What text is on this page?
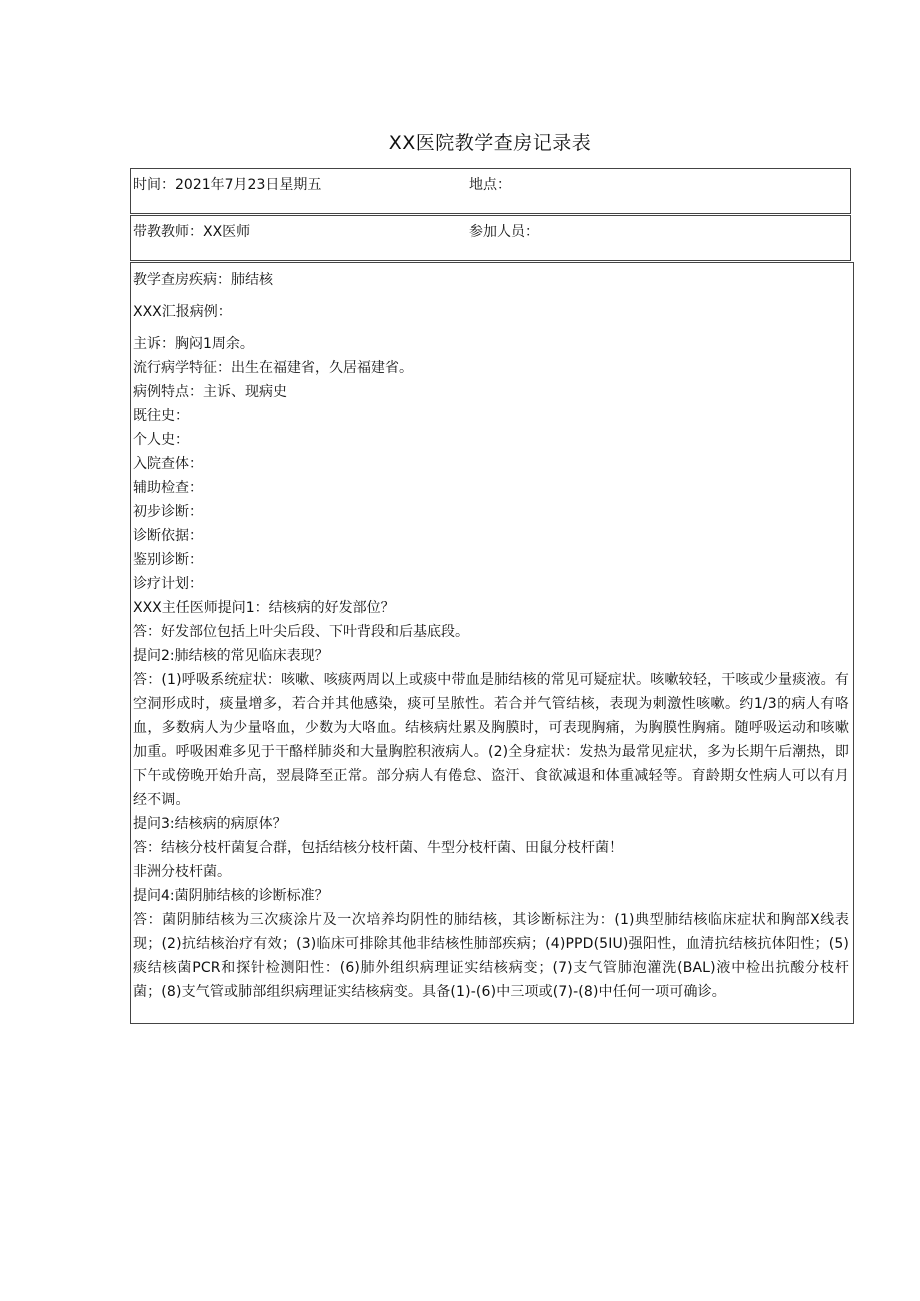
XX医院教学查房记录表
时间：2021年7月23日星期五	地点：
带教教师：XX医师	参加人员：
教学查房疾病：肺结核
XXX汇报病例：
主诉：胸闷1周余。
流行病学特征：出生在福建省，久居福建省。
病例特点：主诉、现病史
既往史：
个人史：
入院查体：
辅助检查：
初步诊断：
诊断依据：
鉴别诊断：
诊疗计划：
XXX主任医师提问1：结核病的好发部位？
答：好发部位包括上叶尖后段、下叶背段和后基底段。
提问2:肺结核的常见临床表现？
答：(1)呼吸系统症状：咳嗽、咳痰两周以上或痰中带血是肺结核的常见可疑症状。咳嗽较轻，干咳或少量痰液。有空洞形成时，痰量增多，若合并其他感染，痰可呈脓性。若合并气管结核，表现为刺激性咳嗽。约1/3的病人有咯血，多数病人为少量咯血，少数为大咯血。结核病灶累及胸膜时，可表现胸痛，为胸膜性胸痛。随呼吸运动和咳嗽加重。呼吸困难多见于干酪样肺炎和大量胸腔积液病人。(2)全身症状：发热为最常见症状，多为长期午后潮热，即下午或傍晚开始升高，翌晨降至正常。部分病人有倦怠、盗汗、食欲减退和体重减轻等。育龄期女性病人可以有月经不调。
提问3:结核病的病原体？
答：结核分枝杆菌复合群，包括结核分枝杆菌、牛型分枝杆菌、田鼠分枝杆菌！
非洲分枝杆菌。
提问4:菌阴肺结核的诊断标准？
答：菌阴肺结核为三次痰涂片及一次培养均阴性的肺结核，其诊断标注为：(1)典型肺结核临床症状和胸部X线表现；(2)抗结核治疗有效；(3)临床可排除其他非结核性肺部疾病；(4)PPD(5IU)强阳性，血清抗结核抗体阳性；(5)痰结核菌PCR和探针检测阳性：(6)肺外组织病理证实结核病变；(7)支气管肺泡灌洗(BAL)液中检出抗酸分枝杆菌；(8)支气管或肺部组织病理证实结核病变。具备(1)-(6)中三项或(7)-(8)中任何一项可确诊。
